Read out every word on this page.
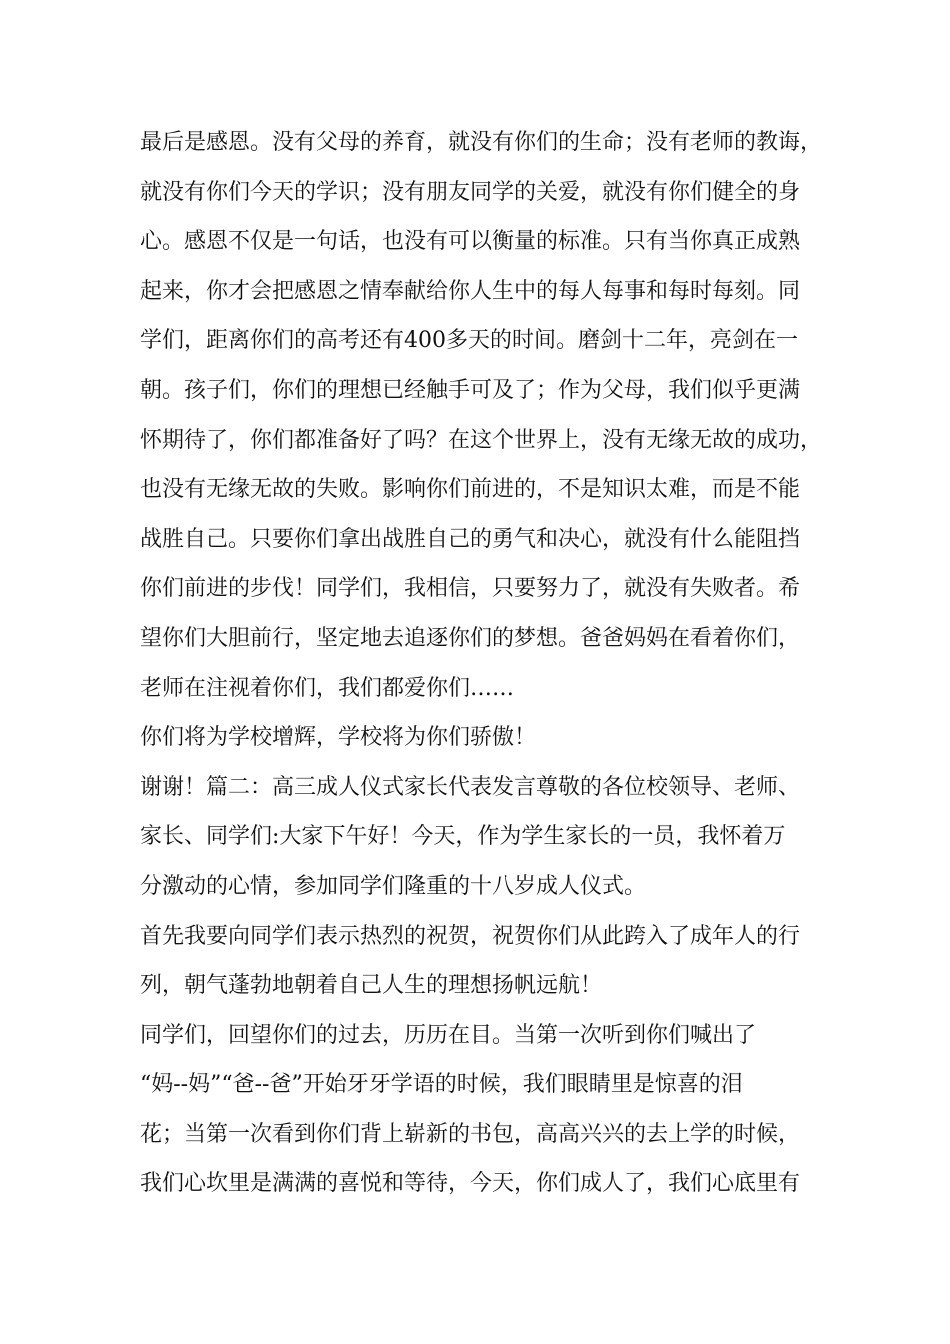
最后是感恩。没有父母的养育，就没有你们的生命；没有老师的教诲，
就没有你们今天的学识；没有朋友同学的关爱，就没有你们健全的身
心。感恩不仅是一句话，也没有可以衡量的标准。只有当你真正成熟
起来，你才会把感恩之情奉献给你人生中的每人每事和每时每刻。同
学们，距离你们的高考还有400多天的时间。磨剑十二年，亮剑在一
朝。孩子们，你们的理想已经触手可及了；作为父母，我们似乎更满
怀期待了，你们都准备好了吗？在这个世界上，没有无缘无故的成功，
也没有无缘无故的失败。影响你们前进的，不是知识太难，而是不能
战胜自己。只要你们拿出战胜自己的勇气和决心，就没有什么能阻挡
你们前进的步伐！同学们，我相信，只要努力了，就没有失败者。希
望你们大胆前行，坚定地去追逐你们的梦想。爸爸妈妈在看着你们，
老师在注视着你们，我们都爱你们……
你们将为学校增辉，学校将为你们骄傲！
谢谢！篇二：高三成人仪式家长代表发言尊敬的各位校领导、老师、
家长、同学们:大家下午好！今天，作为学生家长的一员，我怀着万
分激动的心情，参加同学们隆重的十八岁成人仪式。
首先我要向同学们表示热烈的祝贺，祝贺你们从此跨入了成年人的行
列，朝气蓬勃地朝着自己人生的理想扬帆远航！
同学们，回望你们的过去，历历在目。当第一次听到你们喊出了
“妈--妈”“爸--爸”开始牙牙学语的时候，我们眼睛里是惊喜的泪
花；当第一次看到你们背上崭新的书包，高高兴兴的去上学的时候，
我们心坎里是满满的喜悦和等待，今天，你们成人了，我们心底里有
